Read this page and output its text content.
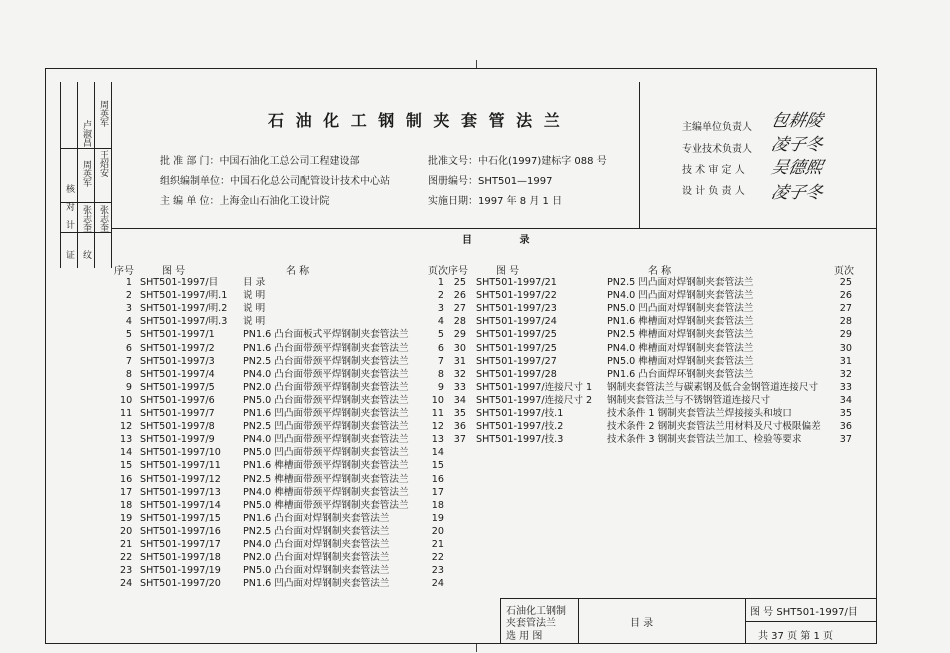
计
对
核
证 纹
张志奎
周英军
卢淑昌
王炤安
张志奎
周英军	石 油 化 工 钢 制 夹 套 管 法 兰
批 准 部 门：中国石油化工总公司工程建设部
组织编制单位：中国石化总公司配管设计技术中心站
主 编 单 位：上海金山石油化工设计院
批准文号：中石化(1997)建标字 088 号
图册编号：SHT501—1997
实施日期：1997 年 8 月 1 日
主编单位负责人
专业技术负责人
技 术 审 定 人
设 计 负 责 人
包耕陵
凌子冬
吴德熙
凌子冬
目 录
序号	图 号	名 称	页次序号	图 号	名 称	页次
1 SHT501-1997/目	目 录	1
2 SHT501-1997/明.1 说 明	2
3 SHT501-1997/明.2 说 明	3
4 SHT501-1997/明.3 说 明	4
5 SHT501-1997/1	PN1.6 凸台面板式平焊钢制夹套管法兰	5
6 SHT501-1997/2	PN1.6 凸台面带颈平焊钢制夹套管法兰	6
7 SHT501-1997/3	PN2.5 凸台面带颈平焊钢制夹套管法兰	7
8 SHT501-1997/4	PN4.0 凸台面带颈平焊钢制夹套管法兰	8
9 SHT501-1997/5	PN2.0 凸台面带颈平焊钢制夹套管法兰	9
10 SHT501-1997/6	PN5.0 凸台面带颈平焊钢制夹套管法兰	10
11 SHT501-1997/7	PN1.6 凹凸面带颈平焊钢制夹套管法兰	11
12 SHT501-1997/8	PN2.5 凹凸面带颈平焊钢制夹套管法兰	12
13 SHT501-1997/9	PN4.0 凹凸面带颈平焊钢制夹套管法兰	13
14 SHT501-1997/10 PN5.0 凹凸面带颈平焊钢制夹套管法兰	14
15 SHT501-1997/11 PN1.6 榫槽面带颈平焊钢制夹套管法兰	15
16 SHT501-1997/12 PN2.5 榫槽面带颈平焊钢制夹套管法兰	16
17 SHT501-1997/13 PN4.0 榫槽面带颈平焊钢制夹套管法兰	17
18 SHT501-1997/14 PN5.0 榫槽面带颈平焊钢制夹套管法兰	18
19 SHT501-1997/15 PN1.6 凸台面对焊钢制夹套管法兰	19
20 SHT501-1997/16 PN2.5 凸台面对焊钢制夹套管法兰	20
21 SHT501-1997/17 PN4.0 凸台面对焊钢制夹套管法兰	21
22 SHT501-1997/18 PN2.0 凸台面对焊钢制夹套管法兰	22
23 SHT501-1997/19 PN5.0 凸台面对焊钢制夹套管法兰	23
24 SHT501-1997/20 PN1.6 凹凸面对焊钢制夹套管法兰	24
25 SHT501-1997/21	PN2.5 凹凸面对焊钢制夹套管法兰	25
26 SHT501-1997/22	PN4.0 凹凸面对焊钢制夹套管法兰	26
27 SHT501-1997/23	PN5.0 凹凸面对焊钢制夹套管法兰	27
28 SHT501-1997/24	PN1.6 榫槽面对焊钢制夹套管法兰	28
29 SHT501-1997/25	PN2.5 榫槽面对焊钢制夹套管法兰	29
30 SHT501-1997/25	PN4.0 榫槽面对焊钢制夹套管法兰	30
31 SHT501-1997/27	PN5.0 榫槽面对焊钢制夹套管法兰	31
32 SHT501-1997/28	PN1.6 凸台面焊环钢制夹套管法兰	32
33 SHT501-1997/连接尺寸 1 钢制夹套管法兰与碳素钢及低合金钢管道连接尺寸	33
34 SHT501-1997/连接尺寸 2 钢制夹套管法兰与不锈钢管道连接尺寸	34
35 SHT501-1997/技.1	技术条件 1 钢制夹套管法兰焊接接头和坡口	35
36 SHT501-1997/技.2	技术条件 2 钢制夹套管法兰用材料及尺寸极限偏差	36
37 SHT501-1997/技.3	技术条件 3 钢制夹套管法兰加工、检验等要求	37
石油化工钢制
夹套管法兰
选 用 图
目 录
图 号 SHT501-1997/目
共 37 页 第 1 页
